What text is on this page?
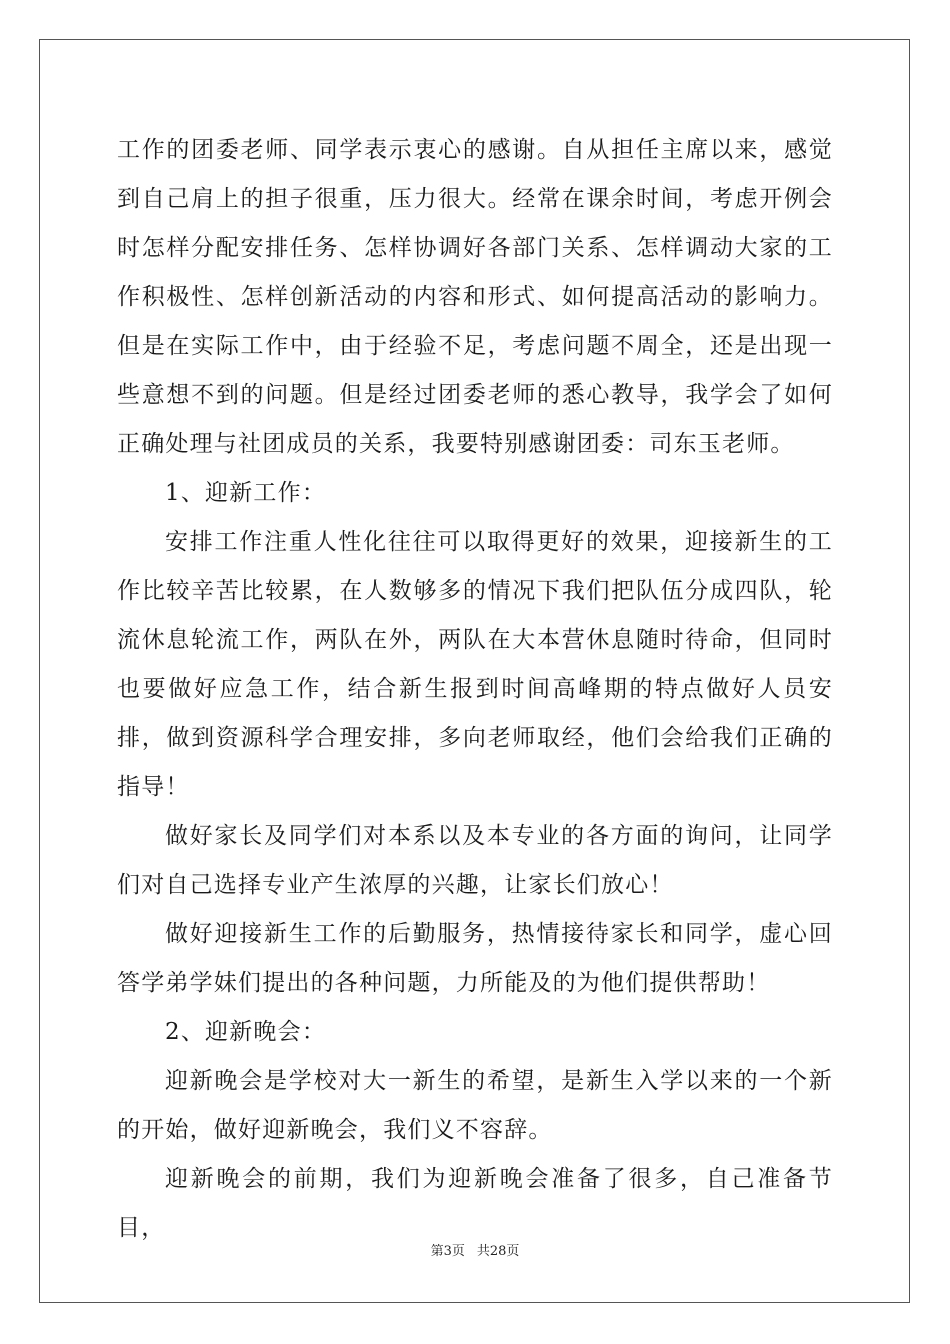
工作的团委老师、同学表示衷心的感谢。自从担任主席以来，感觉到自己肩上的担子很重，压力很大。经常在课余时间，考虑开例会时怎样分配安排任务、怎样协调好各部门关系、怎样调动大家的工作积极性、怎样创新活动的内容和形式、如何提高活动的影响力。但是在实际工作中，由于经验不足，考虑问题不周全，还是出现一些意想不到的问题。但是经过团委老师的悉心教导，我学会了如何正确处理与社团成员的关系，我要特别感谢团委：司东玉老师。

1、迎新工作：

安排工作注重人性化往往可以取得更好的效果，迎接新生的工作比较辛苦比较累，在人数够多的情况下我们把队伍分成四队，轮流休息轮流工作，两队在外，两队在大本营休息随时待命，但同时也要做好应急工作，结合新生报到时间高峰期的特点做好人员安排，做到资源科学合理安排，多向老师取经，他们会给我们正确的指导！

做好家长及同学们对本系以及本专业的各方面的询问，让同学们对自己选择专业产生浓厚的兴趣，让家长们放心！

做好迎接新生工作的后勤服务，热情接待家长和同学，虚心回答学弟学妹们提出的各种问题，力所能及的为他们提供帮助！

2、迎新晚会：

迎新晚会是学校对大一新生的希望，是新生入学以来的一个新的开始，做好迎新晚会，我们义不容辞。

迎新晚会的前期，我们为迎新晚会准备了很多，自己准备节目，

第3页 共28页
